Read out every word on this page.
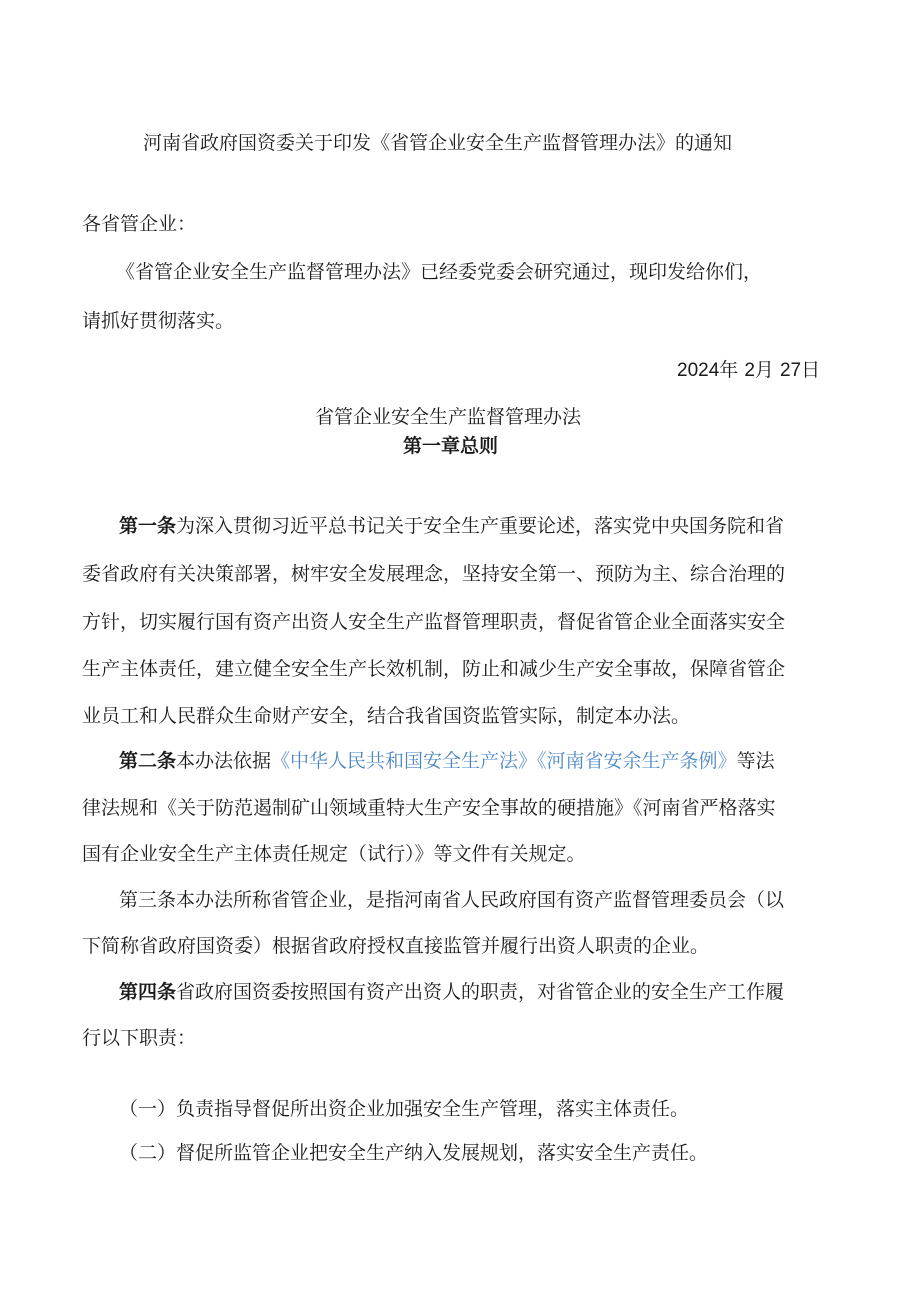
河南省政府国资委关于印发《省管企业安全生产监督管理办法》的通知
各省管企业：
《省管企业安全生产监督管理办法》已经委党委会研究通过，现印发给你们，
请抓好贯彻落实。
2024年 2月 27日
省管企业安全生产监督管理办法
第一章总则
第一条为深入贯彻习近平总书记关于安全生产重要论述，落实党中央国务院和省
委省政府有关决策部署，树牢安全发展理念，坚持安全第一、预防为主、综合治理的
方针，切实履行国有资产出资人安全生产监督管理职责，督促省管企业全面落实安全
生产主体责任，建立健全安全生产长效机制，防止和减少生产安全事故，保障省管企
业员工和人民群众生命财产安全，结合我省国资监管实际，制定本办法。
第二条本办法依据《中华人民共和国安全生产法》《河南省安余生产条例》等法
律法规和《关于防范遏制矿山领域重特大生产安全事故的硬措施》《河南省严格落实
国有企业安全生产主体责任规定（试行）》等文件有关规定。
第三条本办法所称省管企业，是指河南省人民政府国有资产监督管理委员会（以
下简称省政府国资委）根据省政府授权直接监管并履行出资人职责的企业。
第四条省政府国资委按照国有资产出资人的职责，对省管企业的安全生产工作履
行以下职责：
（一）负责指导督促所出资企业加强安全生产管理，落实主体责任。
（二）督促所监管企业把安全生产纳入发展规划，落实安全生产责任。
